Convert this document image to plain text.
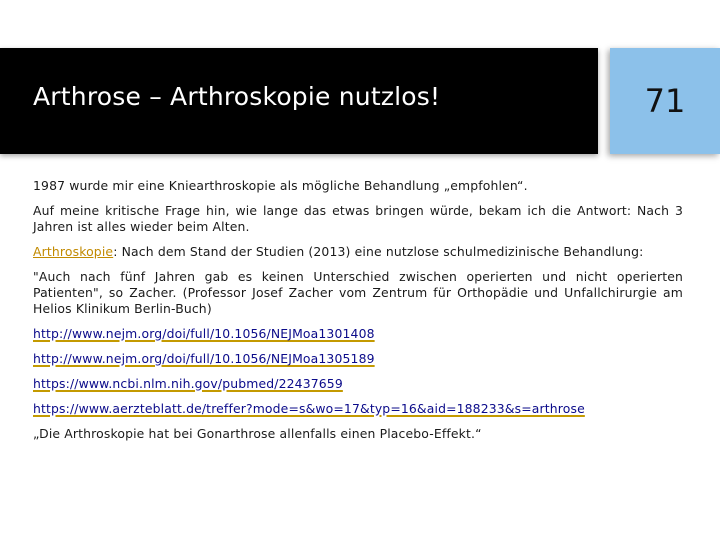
Arthrose – Arthroskopie nutzlos!	71

1987 wurde mir eine Kniearthroskopie als mögliche Behandlung „empfohlen“.

Auf meine kritische Frage hin, wie lange das etwas bringen würde, bekam ich die Antwort: Nach 3 Jahren ist alles wieder beim Alten.

Arthroskopie: Nach dem Stand der Studien (2013) eine nutzlose schulmedizinische Behandlung:

"Auch nach fünf Jahren gab es keinen Unterschied zwischen operierten und nicht operierten Patienten", so Zacher. (Professor Josef Zacher vom Zentrum für Orthopädie und Unfallchirurgie am Helios Klinikum Berlin-Buch)

http://www.nejm.org/doi/full/10.1056/NEJMoa1301408
http://www.nejm.org/doi/full/10.1056/NEJMoa1305189
https://www.ncbi.nlm.nih.gov/pubmed/22437659
https://www.aerzteblatt.de/treffer?mode=s&wo=17&typ=16&aid=188233&s=arthrose

„Die Arthroskopie hat bei Gonarthrose allenfalls einen Placebo-Effekt.“
